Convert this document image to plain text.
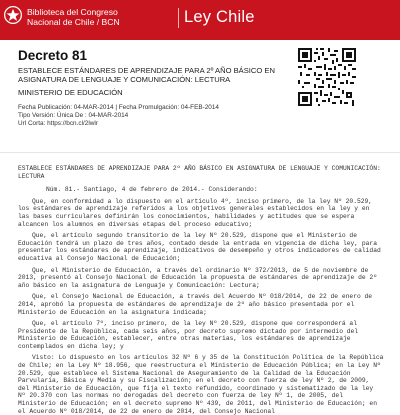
Biblioteca del Congreso
Nacional de Chile / BCN	Ley Chile
Decreto 81
ESTABLECE ESTÁNDARES DE APRENDIZAJE PARA 2º AÑO BÁSICO EN ASIGNATURA DE LENGUAJE Y COMUNICACIÓN: LECTURA
MINISTERIO DE EDUCACIÓN
Fecha Publicación: 04-MAR-2014 | Fecha Promulgación: 04-FEB-2014
Tipo Versión: Única De : 04-MAR-2014
Url Corta: https://bcn.cl/2lwlr

ESTABLECE ESTÁNDARES DE APRENDIZAJE PARA 2º AÑO BÁSICO EN ASIGNATURA DE LENGUAJE Y COMUNICACIÓN: LECTURA

Núm. 81.- Santiago, 4 de febrero de 2014.- Considerando:

Que, en conformidad a lo dispuesto en el artículo 4º, inciso primero, de la ley Nº 20.529, los estándares de aprendizaje referidos a los objetivos generales establecidos en la ley y en las bases curriculares definirán los conocimientos, habilidades y actitudes que se espera alcancen los alumnos en diversas etapas del proceso educativo;

Que, el artículo segundo transitorio de la ley Nº 20.529, dispone que el Ministerio de Educación tendrá un plazo de tres años, contado desde la entrada en vigencia de dicha ley, para presentar los estándares de aprendizaje, indicativos de desempeño y otros indicadores de calidad educativa al Consejo Nacional de Educación;

Que, el Ministerio de Educación, a través del ordinario Nº 372/2013, de 5 de noviembre de 2013, presentó al Consejo Nacional de Educación la propuesta de estándares de aprendizaje de 2º año básico en la asignatura de Lenguaje y Comunicación: Lectura;

Que, el Consejo Nacional de Educación, a través del Acuerdo Nº 018/2014, de 22 de enero de 2014, aprobó la propuesta de estándares de aprendizaje de 2º año básico presentada por el Ministerio de Educación en la asignatura indicada;

Que, el artículo 7º, inciso primero, de la ley Nº 20.529, dispone que corresponderá al Presidente de la República, cada seis años, por decreto supremo dictado por intermedio del Ministerio de Educación, establecer, entre otras materias, los estándares de aprendizaje contemplados en dicha ley; y

Visto: Lo dispuesto en los artículos 32 Nº 6 y 35 de la Constitución Política de la República de Chile; en la Ley Nº 18.956, que reestructura el Ministerio de Educación Pública; en la Ley Nº 20.529, que establece el Sistema Nacional de Aseguramiento de la Calidad de la Educación Parvularia, Básica y Media y su Fiscalización; en el decreto con fuerza de ley Nº 2, de 2009, del Ministerio de Educación, que fija el texto refundido, coordinado y sistematizado de la ley Nº 20.370 con las normas no derogadas del decreto con fuerza de ley Nº 1, de 2005, del Ministerio de Educación; en el decreto supremo Nº 439, de 2011, del Ministerio de Educación; en el Acuerdo Nº 018/2014, de 22 de enero de 2014, del Consejo Nacional
